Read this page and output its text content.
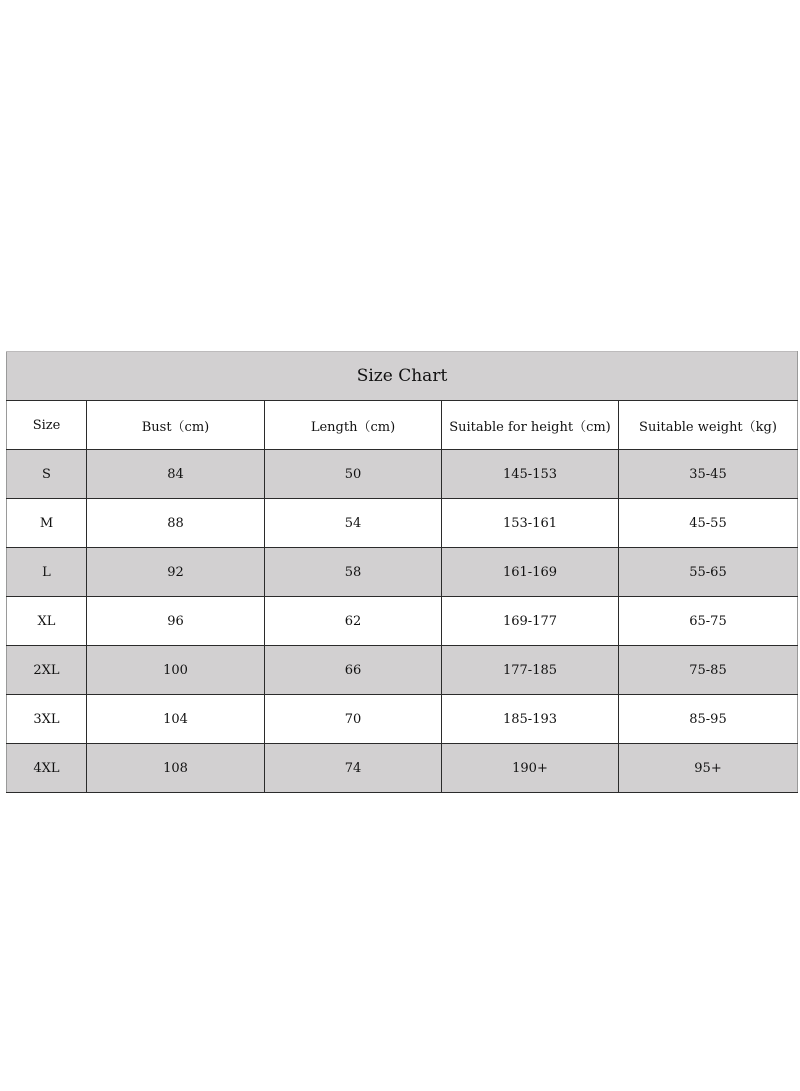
Size Chart				
Size	Bust（cm)	Length（cm)	Suitable for height（cm)	Suitable weight（kg)
S	84	50	145-153	35-45
M	88	54	153-161	45-55
L	92	58	161-169	55-65
XL	96	62	169-177	65-75
2XL	100	66	177-185	75-85
3XL	104	70	185-193	85-95
4XL	108	74	190+	95+
